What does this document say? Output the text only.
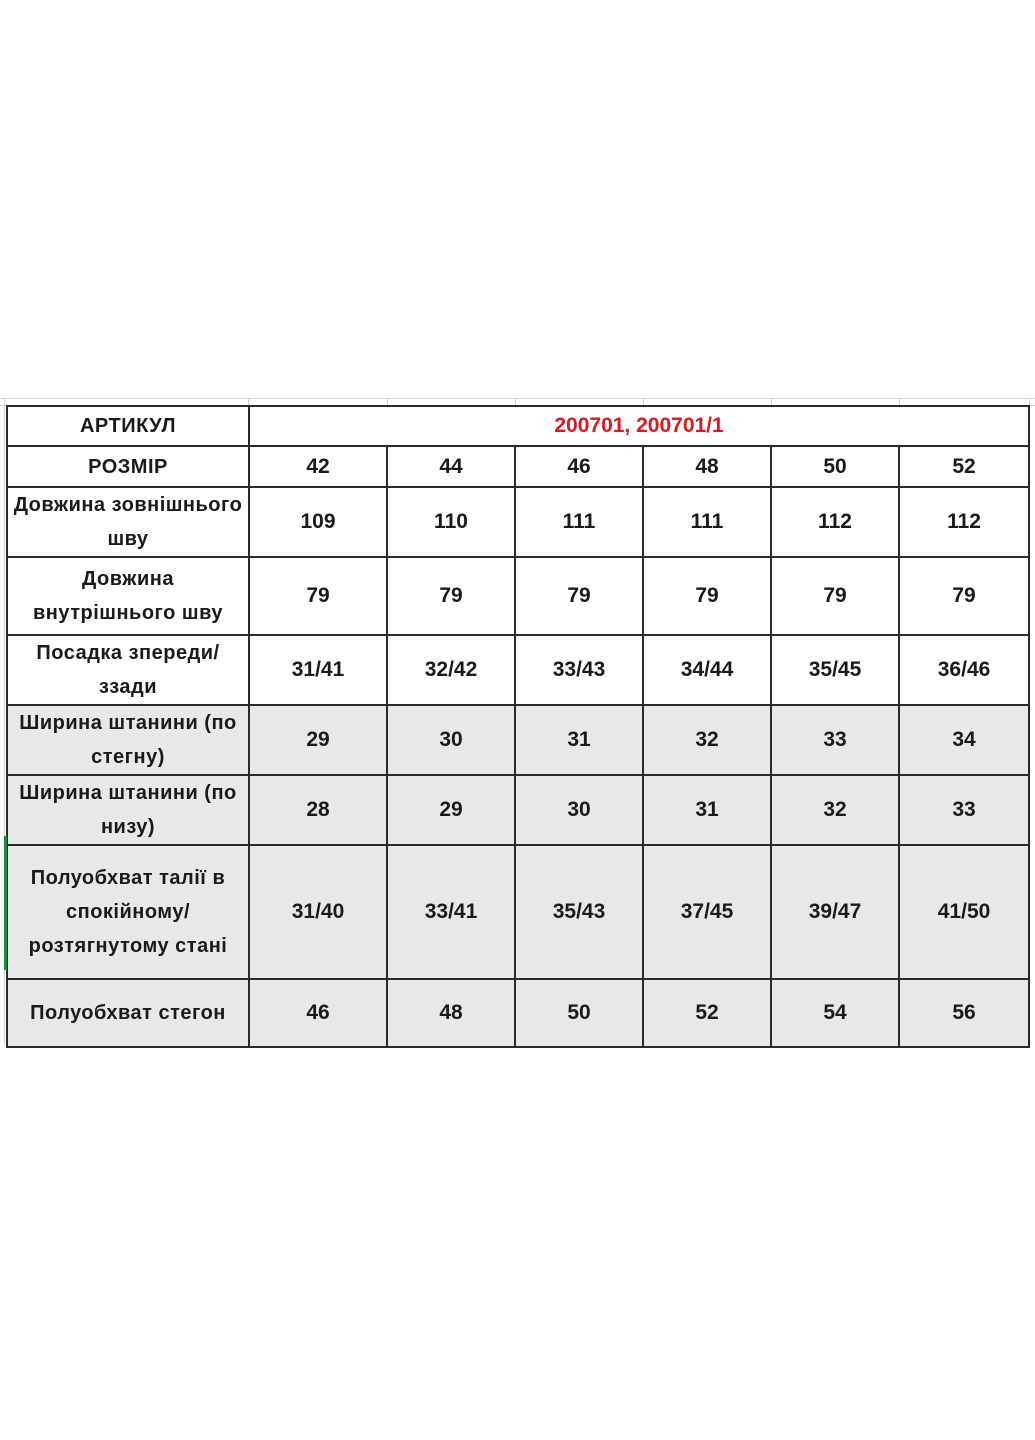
АРТИКУЛ	200701, 200701/1					
РОЗМІР	42	44	46	48	50	52
Довжина зовнішнього шву	109	110	111	111	112	112
Довжина внутрішнього шву	79	79	79	79	79	79
Посадка зпереди/ззади	31/41	32/42	33/43	34/44	35/45	36/46
Ширина штанини (по стегну)	29	30	31	32	33	34
Ширина штанини (по низу)	28	29	30	31	32	33
Полуобхват талії в спокійному/розтягнутому стані	31/40	33/41	35/43	37/45	39/47	41/50
Полуобхват стегон	46	48	50	52	54	56
